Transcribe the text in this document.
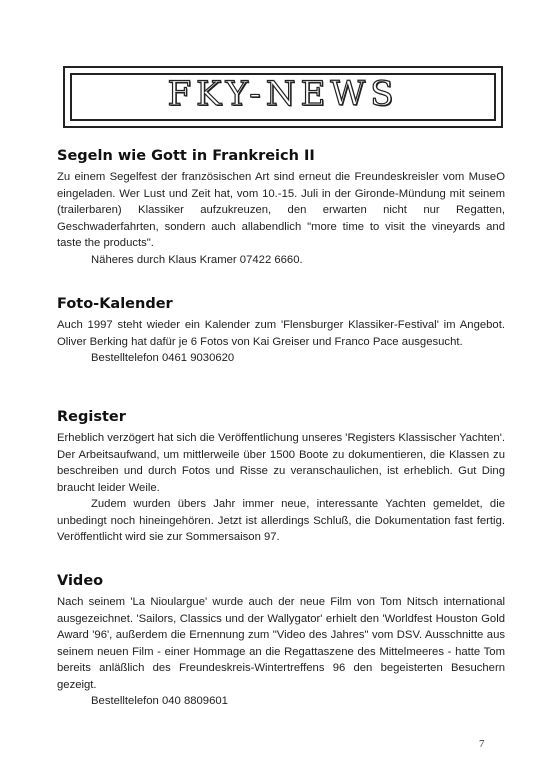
FKY-NEWS
Segeln wie Gott in Frankreich II

Zu einem Segelfest der französischen Art sind erneut die Freundeskreisler vom MuseO eingeladen. Wer Lust und Zeit hat, vom 10.-15. Juli in der Gironde-Mündung mit seinem (trailerbaren) Klassiker aufzukreuzen, den erwarten nicht nur Regatten, Geschwaderfahrten, sondern auch allabendlich "more time to visit the vineyards and taste the products".

Näheres durch Klaus Kramer 07422 6660.

Foto-Kalender

Auch 1997 steht wieder ein Kalender zum 'Flensburger Klassiker-Festival' im Angebot. Oliver Berking hat dafür je 6 Fotos von Kai Greiser und Franco Pace ausgesucht.

Bestelltelefon 0461 9030620

Register

Erheblich verzögert hat sich die Veröffentlichung unseres 'Registers Klassischer Yachten'. Der Arbeitsaufwand, um mittlerweile über 1500 Boote zu dokumentieren, die Klassen zu beschreiben und durch Fotos und Risse zu veranschaulichen, ist erheblich. Gut Ding braucht leider Weile.

Zudem wurden übers Jahr immer neue, interessante Yachten gemeldet, die unbedingt noch hineingehören. Jetzt ist allerdings Schluß, die Dokumentation fast fertig. Veröffentlicht wird sie zur Sommersaison 97.

Video

Nach seinem 'La Nioulargue' wurde auch der neue Film von Tom Nitsch international ausgezeichnet. 'Sailors, Classics und der Wallygator' erhielt den 'Worldfest Houston Gold Award '96', außerdem die Ernennung zum "Video des Jahres" vom DSV. Ausschnitte aus seinem neuen Film - einer Hommage an die Regattaszene des Mittelmeeres - hatte Tom bereits anläßlich des Freundeskreis-Wintertreffens 96 den begeisterten Besuchern gezeigt.

Bestelltelefon 040 8809601

7
